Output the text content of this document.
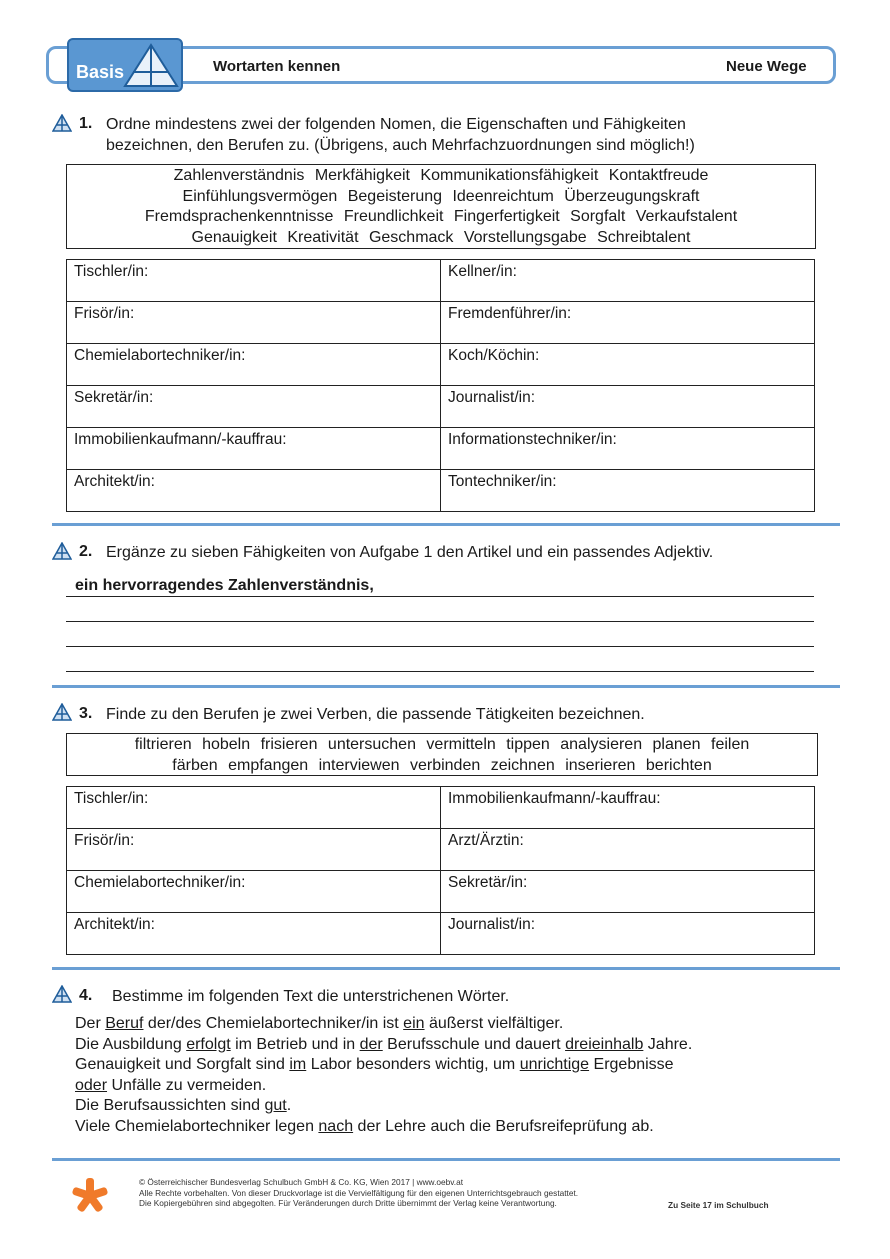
Basis	Wortarten kennen	Neue Wege
1. Ordne mindestens zwei der folgenden Nomen, die Eigenschaften und Fähigkeiten
bezeichnen, den Berufen zu. (Übrigens, auch Mehrfachzuordnungen sind möglich!)
Zahlenverständnis Merkfähigkeit Kommunikationsfähigkeit Kontaktfreude
Einfühlungsvermögen Begeisterung Ideenreichtum Überzeugungskraft
Fremdsprachenkenntnisse Freundlichkeit Fingerfertigkeit Sorgfalt Verkaufstalent
Genauigkeit Kreativität Geschmack Vorstellungsgabe Schreibtalent
Tischler/in:	Kellner/in:
Frisör/in:	Fremdenführer/in:
Chemielabortechniker/in:	Koch/Köchin:
Sekretär/in:	Journalist/in:
Immobilienkaufmann/-kauffrau:	Informationstechniker/in:
Architekt/in:	Tontechniker/in:
2. Ergänze zu sieben Fähigkeiten von Aufgabe 1 den Artikel und ein passendes Adjektiv.
ein hervorragendes Zahlenverständnis,
3. Finde zu den Berufen je zwei Verben, die passende Tätigkeiten bezeichnen.
filtrieren hobeln frisieren untersuchen vermitteln tippen analysieren planen feilen
färben empfangen interviewen verbinden zeichnen inserieren berichten
Tischler/in:	Immobilienkaufmann/-kauffrau:
Frisör/in:	Arzt/Ärztin:
Chemielabortechniker/in:	Sekretär/in:
Architekt/in:	Journalist/in:
4. Bestimme im folgenden Text die unterstrichenen Wörter.

Der Beruf der/des Chemielabortechniker/in ist ein äußerst vielfältiger.

Die Ausbildung erfolgt im Betrieb und in der Berufsschule und dauert dreieinhalb Jahre.

Genauigkeit und Sorgfalt sind im Labor besonders wichtig, um unrichtige Ergebnisse

oder Unfälle zu vermeiden.

Die Berufsaussichten sind gut.

Viele Chemielabortechniker legen nach der Lehre auch die Berufsreifeprüfung ab.

© Österreichischer Bundesverlag Schulbuch GmbH & Co. KG, Wien 2017 | www.oebv.at
Alle Rechte vorbehalten. Von dieser Druckvorlage ist die Vervielfältigung für den eigenen Unterrichtsgebrauch gestattet.
Die Kopiergebühren sind abgegolten. Für Veränderungen durch Dritte übernimmt der Verlag keine Verantwortung.	Zu Seite 17 im Schulbuch
